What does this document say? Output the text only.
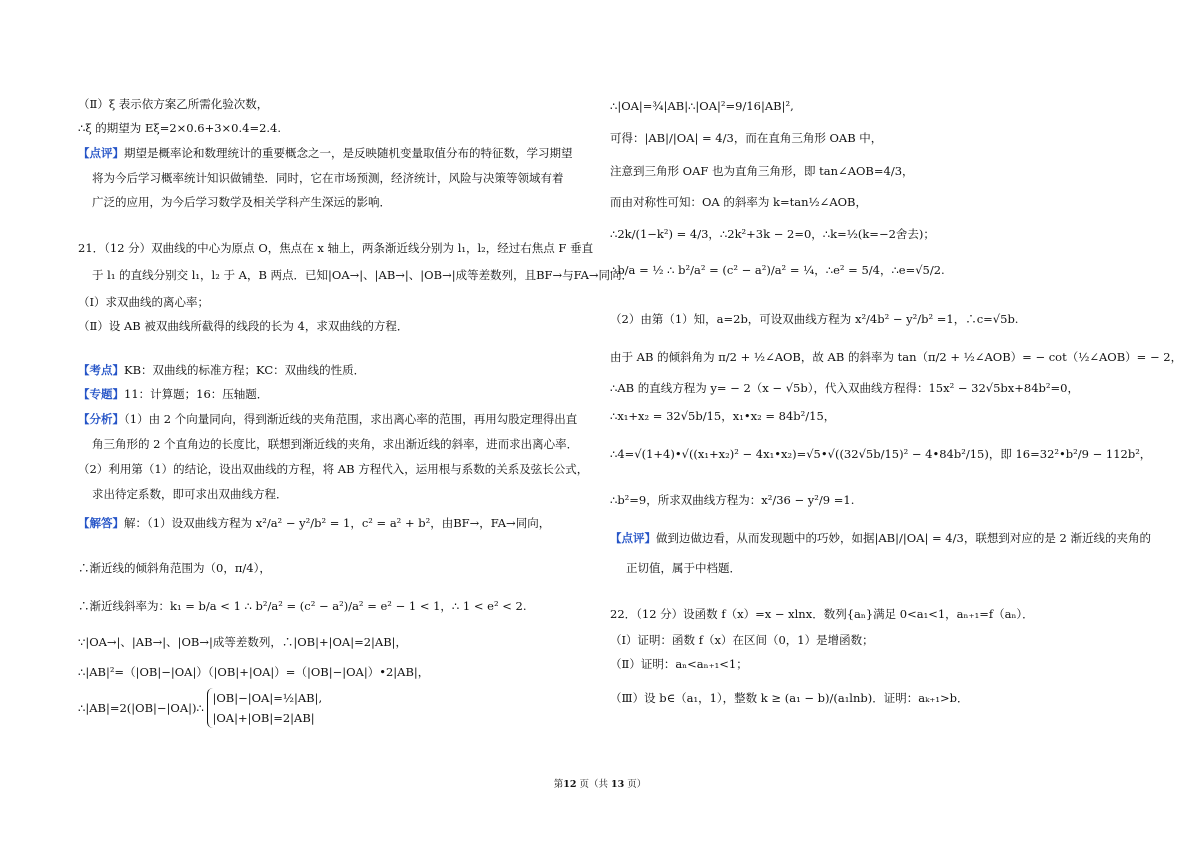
（Ⅱ）ξ 表示依方案乙所需化验次数，
∴ξ 的期望为 Eξ=2×0.6+3×0.4=2.4.
【点评】期望是概率论和数理统计的重要概念之一，是反映随机变量取值分布的特征数，学习期望
将为今后学习概率统计知识做铺垫．同时，它在市场预测，经济统计，风险与决策等领域有着
广泛的应用，为今后学习数学及相关学科产生深远的影响．
21．（12 分）双曲线的中心为原点 O，焦点在 x 轴上，两条渐近线分别为 l₁，l₂，经过右焦点 F 垂直
于 l₁ 的直线分别交 l₁，l₂ 于 A，B 两点．已知|OA→|、|AB→|、|OB→|成等差数列，且BF→与FA→同向．
（Ⅰ）求双曲线的离心率；
（Ⅱ）设 AB 被双曲线所截得的线段的长为 4，求双曲线的方程．
【考点】KB：双曲线的标准方程；KC：双曲线的性质．
【专题】11：计算题；16：压轴题．
【分析】（1）由 2 个向量同向，得到渐近线的夹角范围，求出离心率的范围，再用勾股定理得出直
角三角形的 2 个直角边的长度比，联想到渐近线的夹角，求出渐近线的斜率，进而求出离心率．
（2）利用第（1）的结论，设出双曲线的方程，将 AB 方程代入，运用根与系数的关系及弦长公式，
求出待定系数，即可求出双曲线方程．
【解答】解：（1）设双曲线方程为 x²/a² − y²/b² = 1，c² = a² + b²，由BF→，FA→同向，
∴渐近线的倾斜角范围为（0，π/4），
∴渐近线斜率为：k₁ = b/a < 1 ∴ b²/a² = (c² − a²)/a² = e² − 1 < 1，∴ 1 < e² < 2.
∵|OA→|、|AB→|、|OB→|成等差数列，∴|OB|+|OA|=2|AB|，
∴|AB|²=（|OB|−|OA|）（|OB|+|OA|）=（|OB|−|OA|）•2|AB|，
∴|AB|=2(|OB|−|OA|)∴
|OB|−|OA|=½|AB|,
|OA|+|OB|=2|AB|
∴|OA|=¾|AB|∴|OA|²=9/16|AB|²,
可得：|AB|/|OA| = 4/3，而在直角三角形 OAB 中，
注意到三角形 OAF 也为直角三角形，即 tan∠AOB=4/3，
而由对称性可知：OA 的斜率为 k=tan½∠AOB，
∴2k/(1−k²) = 4/3，∴2k²+3k − 2=0，∴k=½(k=−2舍去)；
∴b/a = ½ ∴ b²/a² = (c² − a²)/a² = ¼，∴e² = 5/4，∴e=√5/2.
（2）由第（1）知，a=2b，可设双曲线方程为 x²/4b² − y²/b² =1，∴c=√5b.
由于 AB 的倾斜角为 π/2 + ½∠AOB，故 AB 的斜率为 tan（π/2 + ½∠AOB）= − cot（½∠AOB）= − 2，
∴AB 的直线方程为 y= − 2（x − √5b），代入双曲线方程得：15x² − 32√5bx+84b²=0，
∴x₁+x₂ = 32√5b/15，x₁•x₂ = 84b²/15，
∴4=√(1+4)•√((x₁+x₂)² − 4x₁•x₂)=√5•√((32√5b/15)² − 4•84b²/15)，即 16=32²•b²/9 − 112b²，
∴b²=9，所求双曲线方程为：x²/36 − y²/9 =1.
【点评】做到边做边看，从而发现题中的巧妙，如据|AB|/|OA| = 4/3，联想到对应的是 2 渐近线的夹角的
正切值，属于中档题．
22．（12 分）设函数 f（x）=x − xlnx．数列{aₙ}满足 0<a₁<1，aₙ₊₁=f（aₙ）．
（Ⅰ）证明：函数 f（x）在区间（0，1）是增函数；
（Ⅱ）证明：aₙ<aₙ₊₁<1；
（Ⅲ）设 b∈（a₁，1），整数 k ≥ (a₁ − b)/(a₁lnb)．证明：aₖ₊₁>b．
第12 页（共 13 页）
